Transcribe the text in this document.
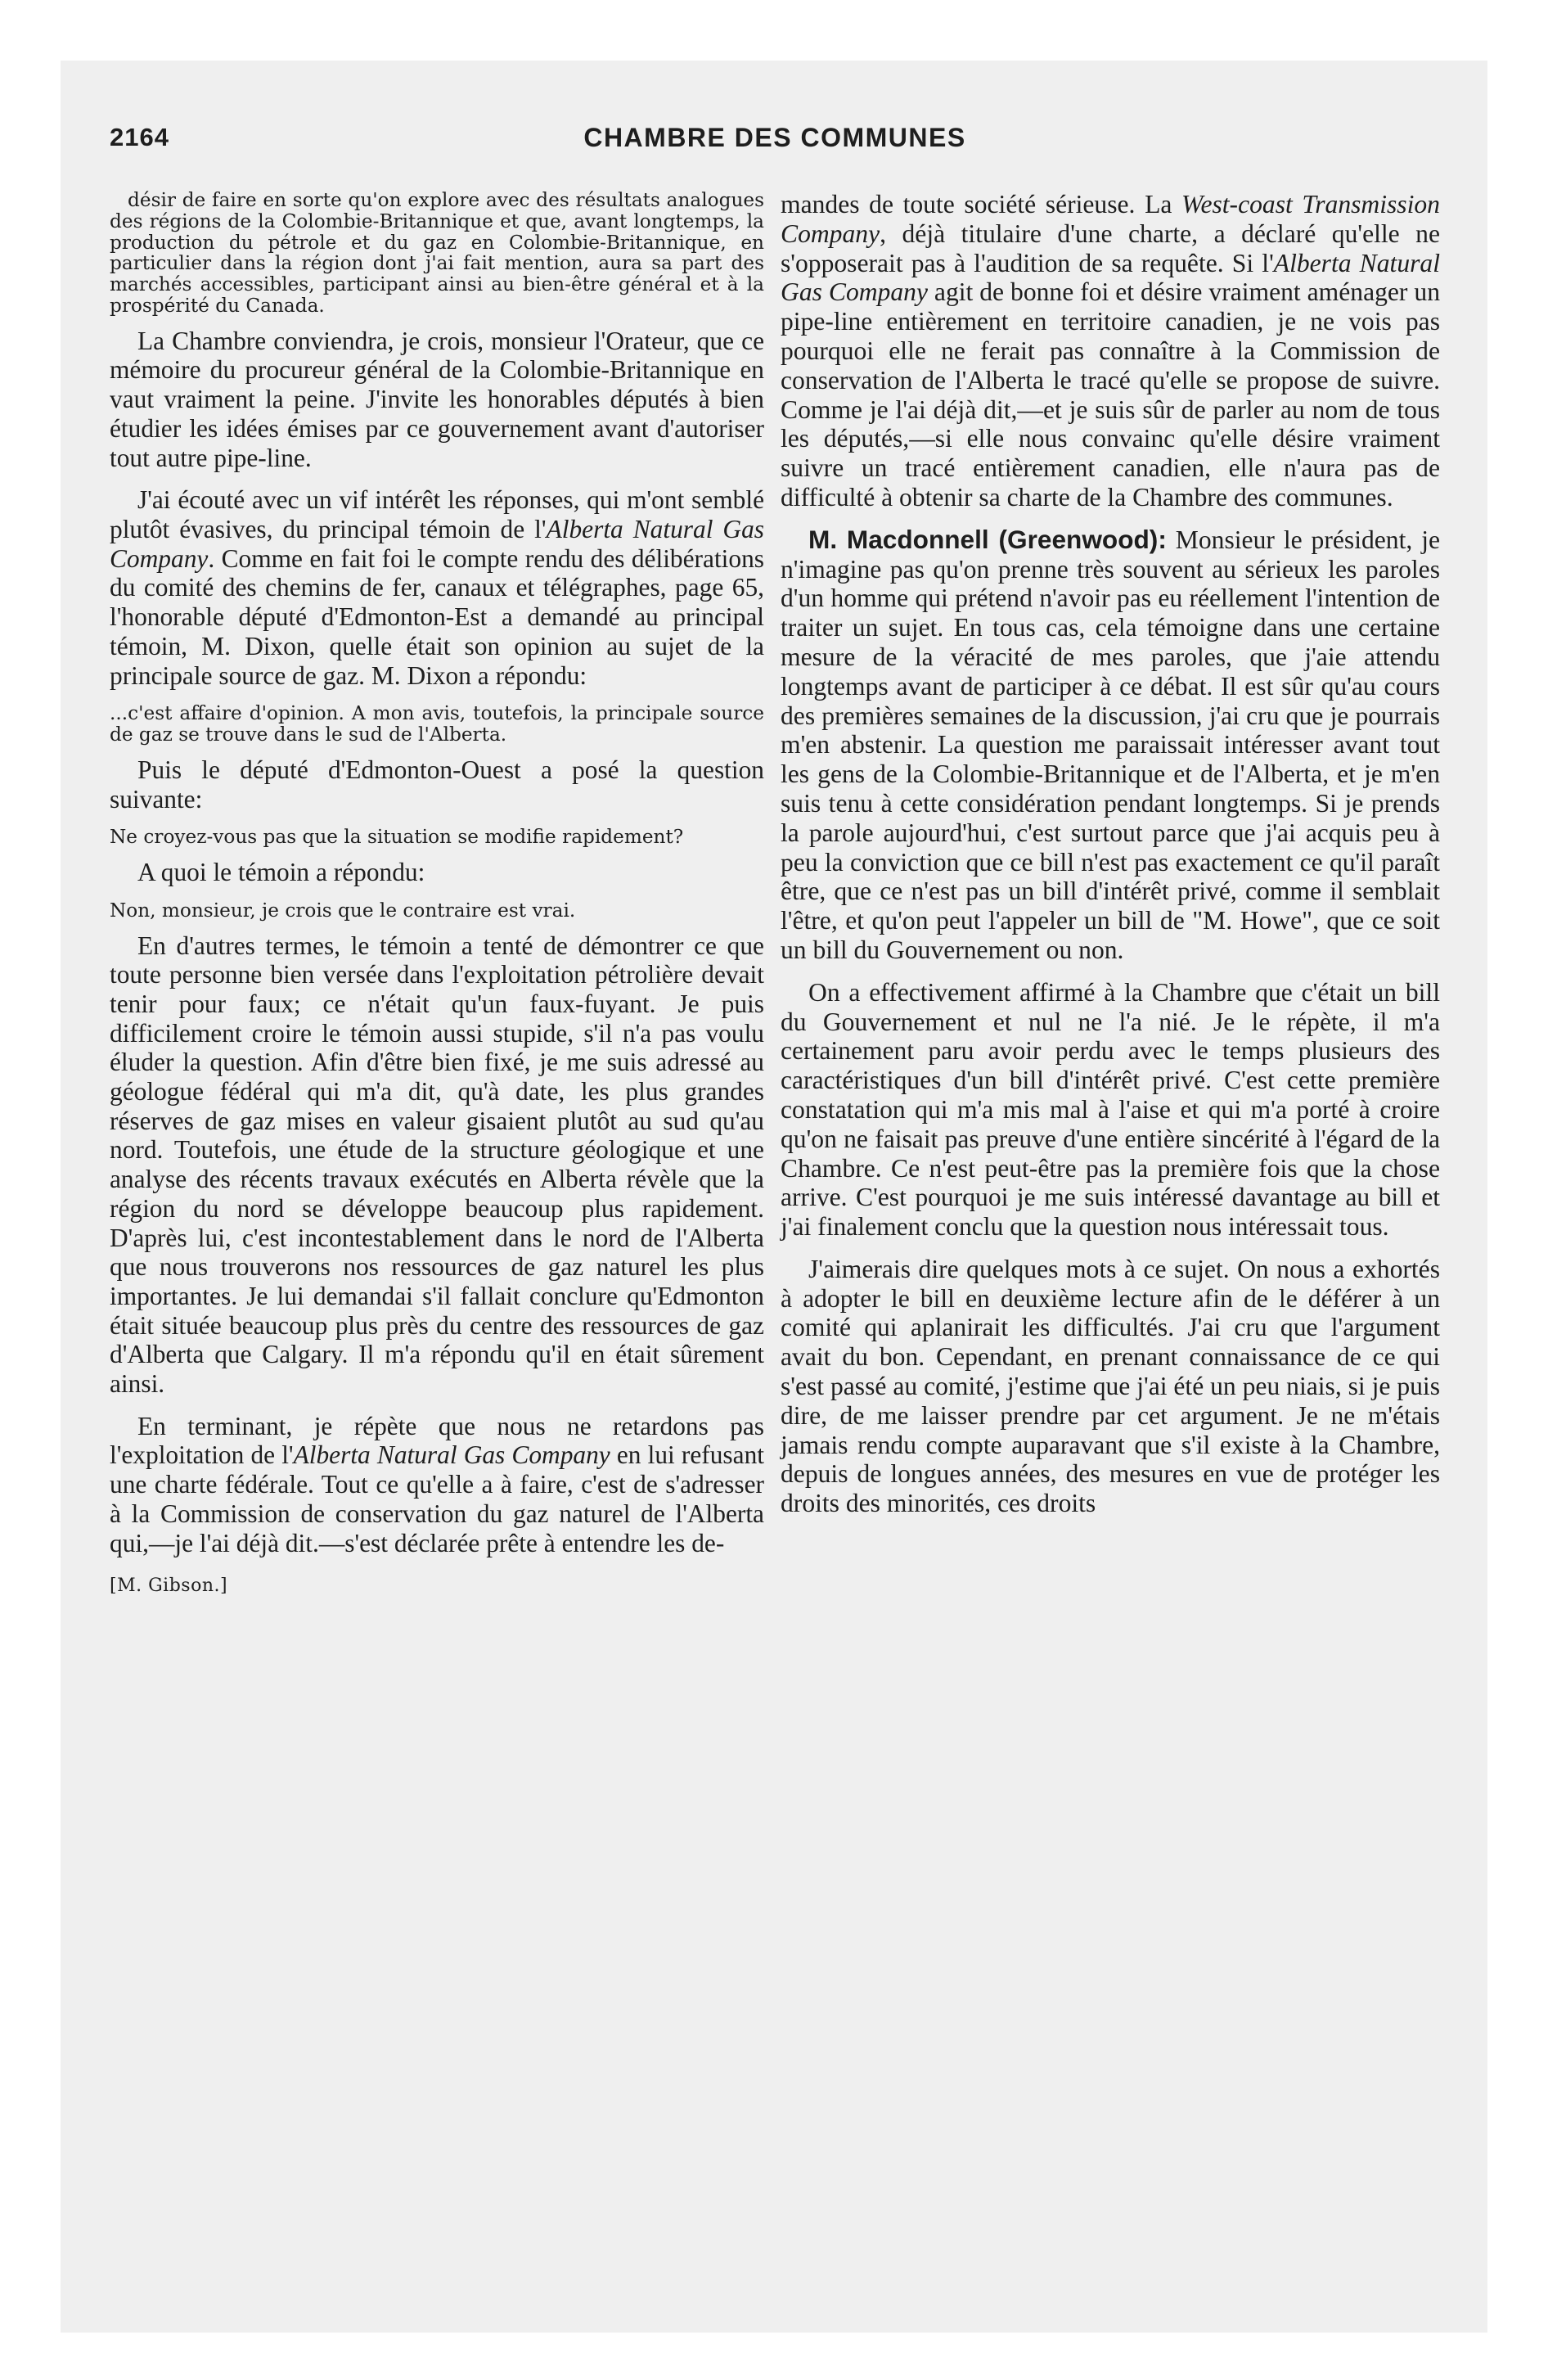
2164	CHAMBRE DES COMMUNES

désir de faire en sorte qu'on explore avec des résultats analogues des régions de la Colombie-Britannique et que, avant longtemps, la production du pétrole et du gaz en Colombie-Britannique, en particulier dans la région dont j'ai fait mention, aura sa part des marchés accessibles, participant ainsi au bien-être général et à la prospérité du Canada.

La Chambre conviendra, je crois, monsieur l'Orateur, que ce mémoire du procureur général de la Colombie-Britannique en vaut vraiment la peine. J'invite les honorables députés à bien étudier les idées émises par ce gouvernement avant d'autoriser tout autre pipe-line.

J'ai écouté avec un vif intérêt les réponses, qui m'ont semblé plutôt évasives, du principal témoin de l'Alberta Natural Gas Company. Comme en fait foi le compte rendu des délibérations du comité des chemins de fer, canaux et télégraphes, page 65, l'honorable député d'Edmonton-Est a demandé au principal témoin, M. Dixon, quelle était son opinion au sujet de la principale source de gaz. M. Dixon a répondu:

...c'est affaire d'opinion. A mon avis, toutefois, la principale source de gaz se trouve dans le sud de l'Alberta.

Puis le député d'Edmonton-Ouest a posé la question suivante:

Ne croyez-vous pas que la situation se modifie rapidement?

A quoi le témoin a répondu:

Non, monsieur, je crois que le contraire est vrai.

En d'autres termes, le témoin a tenté de démontrer ce que toute personne bien versée dans l'exploitation pétrolière devait tenir pour faux; ce n'était qu'un faux-fuyant. Je puis difficilement croire le témoin aussi stupide, s'il n'a pas voulu éluder la question. Afin d'être bien fixé, je me suis adressé au géologue fédéral qui m'a dit, qu'à date, les plus grandes réserves de gaz mises en valeur gisaient plutôt au sud qu'au nord. Toutefois, une étude de la structure géologique et une analyse des récents travaux exécutés en Alberta révèle que la région du nord se développe beaucoup plus rapidement. D'après lui, c'est incontestablement dans le nord de l'Alberta que nous trouverons nos ressources de gaz naturel les plus importantes. Je lui demandai s'il fallait conclure qu'Edmonton était située beaucoup plus près du centre des ressources de gaz d'Alberta que Calgary. Il m'a répondu qu'il en était sûrement ainsi.

En terminant, je répète que nous ne retardons pas l'exploitation de l'Alberta Natural Gas Company en lui refusant une charte fédérale. Tout ce qu'elle a à faire, c'est de s'adresser à la Commission de conservation du gaz naturel de l'Alberta qui,—je l'ai déjà dit.—s'est déclarée prête à entendre les de-

[M. Gibson.]

mandes de toute société sérieuse. La West-coast Transmission Company, déjà titulaire d'une charte, a déclaré qu'elle ne s'opposerait pas à l'audition de sa requête. Si l'Alberta Natural Gas Company agit de bonne foi et désire vraiment aménager un pipe-line entièrement en territoire canadien, je ne vois pas pourquoi elle ne ferait pas connaître à la Commission de conservation de l'Alberta le tracé qu'elle se propose de suivre. Comme je l'ai déjà dit,—et je suis sûr de parler au nom de tous les députés,—si elle nous convainc qu'elle désire vraiment suivre un tracé entièrement canadien, elle n'aura pas de difficulté à obtenir sa charte de la Chambre des communes.

M. Macdonnell (Greenwood): Monsieur le président, je n'imagine pas qu'on prenne très souvent au sérieux les paroles d'un homme qui prétend n'avoir pas eu réellement l'intention de traiter un sujet. En tous cas, cela témoigne dans une certaine mesure de la véracité de mes paroles, que j'aie attendu longtemps avant de participer à ce débat. Il est sûr qu'au cours des premières semaines de la discussion, j'ai cru que je pourrais m'en abstenir. La question me paraissait intéresser avant tout les gens de la Colombie-Britannique et de l'Alberta, et je m'en suis tenu à cette considération pendant longtemps. Si je prends la parole aujourd'hui, c'est surtout parce que j'ai acquis peu à peu la conviction que ce bill n'est pas exactement ce qu'il paraît être, que ce n'est pas un bill d'intérêt privé, comme il semblait l'être, et qu'on peut l'appeler un bill de "M. Howe", que ce soit un bill du Gouvernement ou non.

On a effectivement affirmé à la Chambre que c'était un bill du Gouvernement et nul ne l'a nié. Je le répète, il m'a certainement paru avoir perdu avec le temps plusieurs des caractéristiques d'un bill d'intérêt privé. C'est cette première constatation qui m'a mis mal à l'aise et qui m'a porté à croire qu'on ne faisait pas preuve d'une entière sincérité à l'égard de la Chambre. Ce n'est peut-être pas la première fois que la chose arrive. C'est pourquoi je me suis intéressé davantage au bill et j'ai finalement conclu que la question nous intéressait tous.

J'aimerais dire quelques mots à ce sujet. On nous a exhortés à adopter le bill en deuxième lecture afin de le déférer à un comité qui aplanirait les difficultés. J'ai cru que l'argument avait du bon. Cependant, en prenant connaissance de ce qui s'est passé au comité, j'estime que j'ai été un peu niais, si je puis dire, de me laisser prendre par cet argument. Je ne m'étais jamais rendu compte auparavant que s'il existe à la Chambre, depuis de longues années, des mesures en vue de protéger les droits des minorités, ces droits
